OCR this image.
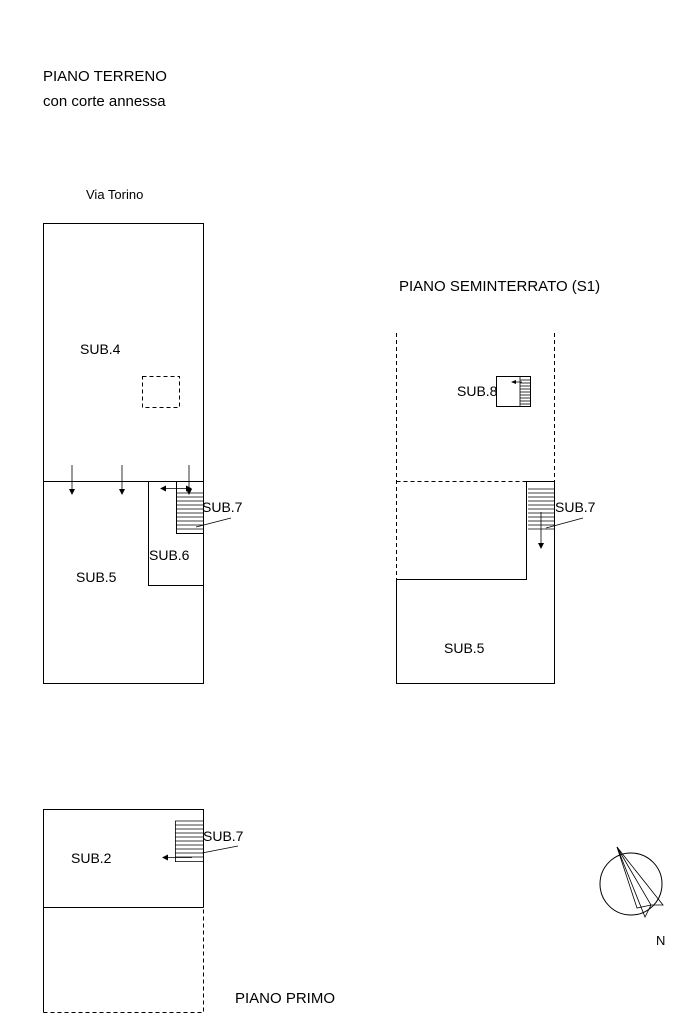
PIANO TERRENO
con corte annessa
Via Torino
SUB.4
SUB.5
SUB.6
SUB.7
PIANO SEMINTERRATO (S1)
SUB.8
SUB.7
SUB.5
SUB.2
SUB.7
PIANO PRIMO
N
